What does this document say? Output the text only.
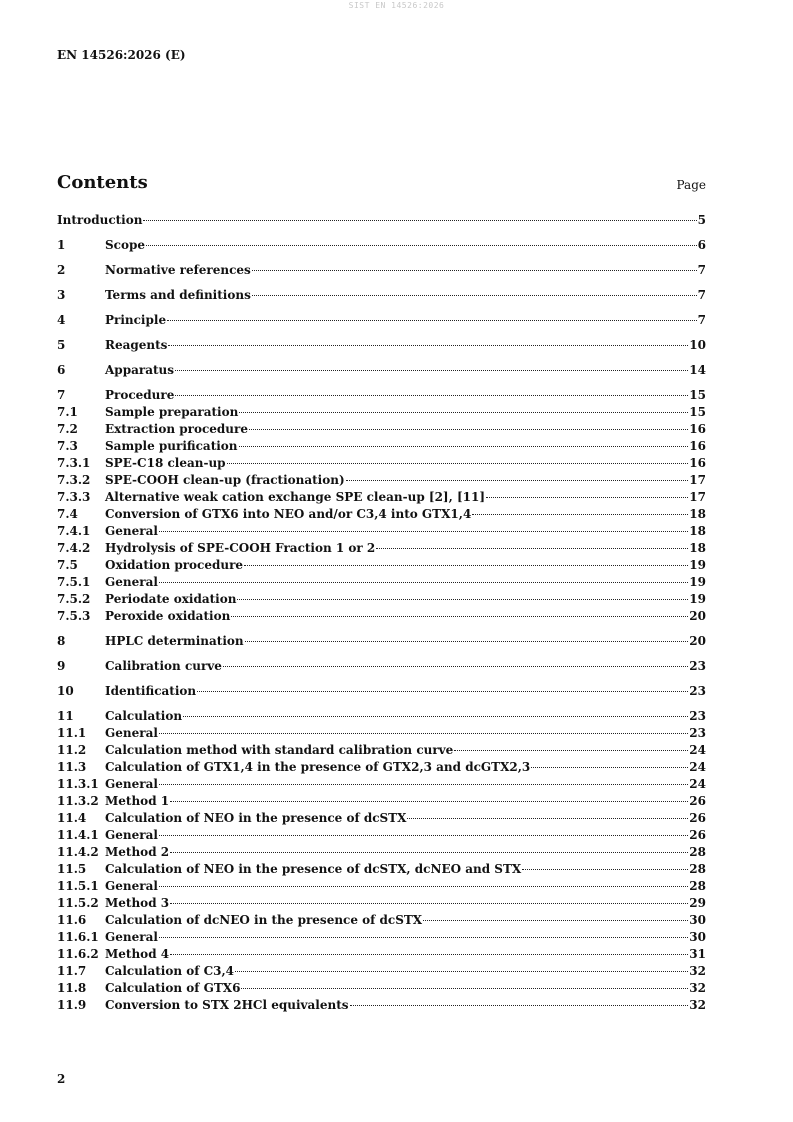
SIST EN 14526:2026
EN 14526:2026 (E)
Contents	Page
Introduction	5
1	Scope	6
2	Normative references	7
3	Terms and definitions	7
4	Principle	7
5	Reagents	10
6	Apparatus	14
7	Procedure	15
7.1	Sample preparation	15
7.2	Extraction procedure	16
7.3	Sample purification	16
7.3.1	SPE-C18 clean-up	16
7.3.2	SPE-COOH clean-up (fractionation)	17
7.3.3	Alternative weak cation exchange SPE clean-up [2], [11]	17
7.4	Conversion of GTX6 into NEO and/or C3,4 into GTX1,4	18
7.4.1	General	18
7.4.2	Hydrolysis of SPE-COOH Fraction 1 or 2	18
7.5	Oxidation procedure	19
7.5.1	General	19
7.5.2	Periodate oxidation	19
7.5.3	Peroxide oxidation	20
8	HPLC determination	20
9	Calibration curve	23
10	Identification	23
11	Calculation	23
11.1	General	23
11.2	Calculation method with standard calibration curve	24
11.3	Calculation of GTX1,4 in the presence of GTX2,3 and dcGTX2,3	24
11.3.1 General	24
11.3.2 Method 1	26
11.4	Calculation of NEO in the presence of dcSTX	26
11.4.1 General	26
11.4.2 Method 2	28
11.5	Calculation of NEO in the presence of dcSTX, dcNEO and STX	28
11.5.1 General	28
11.5.2 Method 3	29
11.6	Calculation of dcNEO in the presence of dcSTX	30
11.6.1 General	30
11.6.2 Method 4	31
11.7	Calculation of C3,4	32
11.8	Calculation of GTX6	32
11.9	Conversion to STX 2HCl equivalents	32
2
